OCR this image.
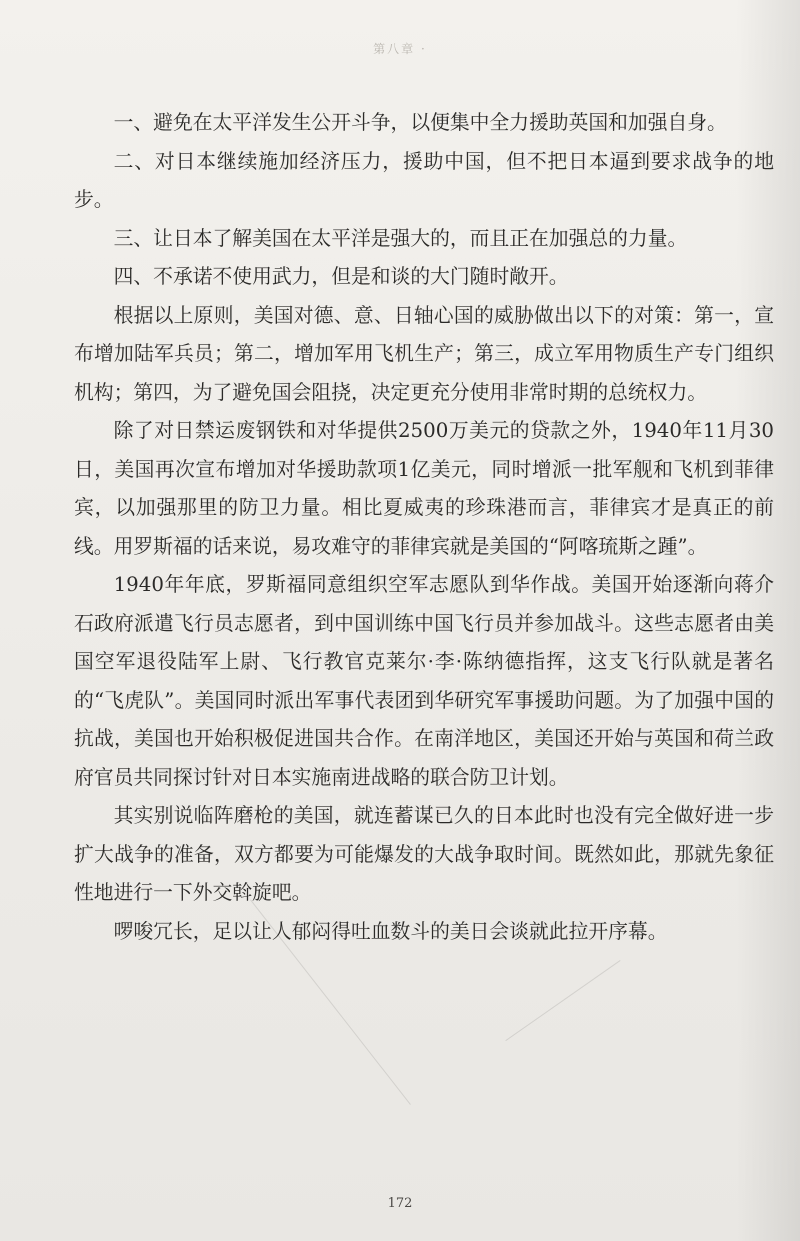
第八章 ·

一、避免在太平洋发生公开斗争，以便集中全力援助英国和加强自身。

二、对日本继续施加经济压力，援助中国，但不把日本逼到要求战争的地步。

三、让日本了解美国在太平洋是强大的，而且正在加强总的力量。

四、不承诺不使用武力，但是和谈的大门随时敞开。

根据以上原则，美国对德、意、日轴心国的威胁做出以下的对策：第一，宣布增加陆军兵员；第二，增加军用飞机生产；第三，成立军用物质生产专门组织机构；第四，为了避免国会阻挠，决定更充分使用非常时期的总统权力。

除了对日禁运废钢铁和对华提供2500万美元的贷款之外，1940年11月30日，美国再次宣布增加对华援助款项1亿美元，同时增派一批军舰和飞机到菲律宾，以加强那里的防卫力量。相比夏威夷的珍珠港而言，菲律宾才是真正的前线。用罗斯福的话来说，易攻难守的菲律宾就是美国的“阿喀琉斯之踵”。

1940年年底，罗斯福同意组织空军志愿队到华作战。美国开始逐渐向蒋介石政府派遣飞行员志愿者，到中国训练中国飞行员并参加战斗。这些志愿者由美国空军退役陆军上尉、飞行教官克莱尔·李·陈纳德指挥，这支飞行队就是著名的“飞虎队”。美国同时派出军事代表团到华研究军事援助问题。为了加强中国的抗战，美国也开始积极促进国共合作。在南洋地区，美国还开始与英国和荷兰政府官员共同探讨针对日本实施南进战略的联合防卫计划。

其实别说临阵磨枪的美国，就连蓄谋已久的日本此时也没有完全做好进一步扩大战争的准备，双方都要为可能爆发的大战争取时间。既然如此，那就先象征性地进行一下外交斡旋吧。

啰唆冗长，足以让人郁闷得吐血数斗的美日会谈就此拉开序幕。

172
